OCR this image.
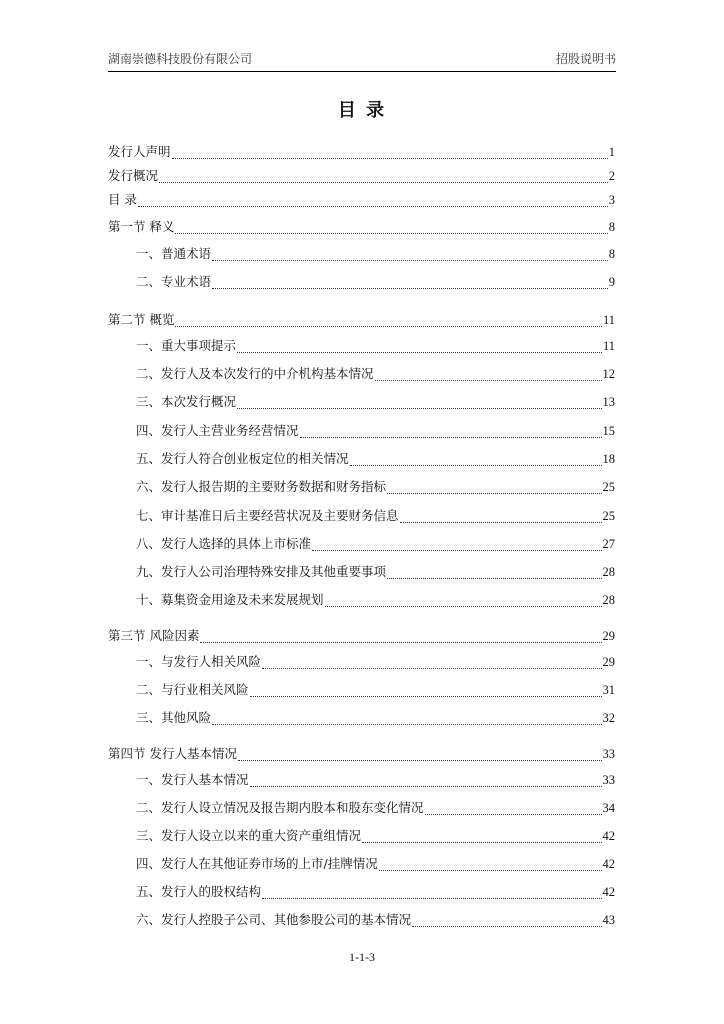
湖南崇德科技股份有限公司	招股说明书
目 录
发行人声明	1
发行概况	2
目 录	3
第一节 释义	8
一、普通术语	8
二、专业术语	9
第二节 概览	11
一、重大事项提示	11
二、发行人及本次发行的中介机构基本情况	12
三、本次发行概况	13
四、发行人主营业务经营情况	15
五、发行人符合创业板定位的相关情况	18
六、发行人报告期的主要财务数据和财务指标	25
七、审计基准日后主要经营状况及主要财务信息	25
八、发行人选择的具体上市标准	27
九、发行人公司治理特殊安排及其他重要事项	28
十、募集资金用途及未来发展规划	28
第三节 风险因素	29
一、与发行人相关风险	29
二、与行业相关风险	31
三、其他风险	32
第四节 发行人基本情况	33
一、发行人基本情况	33
二、发行人设立情况及报告期内股本和股东变化情况	34
三、发行人设立以来的重大资产重组情况	42
四、发行人在其他证券市场的上市/挂牌情况	42
五、发行人的股权结构	42
六、发行人控股子公司、其他参股公司的基本情况	43
1-1-3
